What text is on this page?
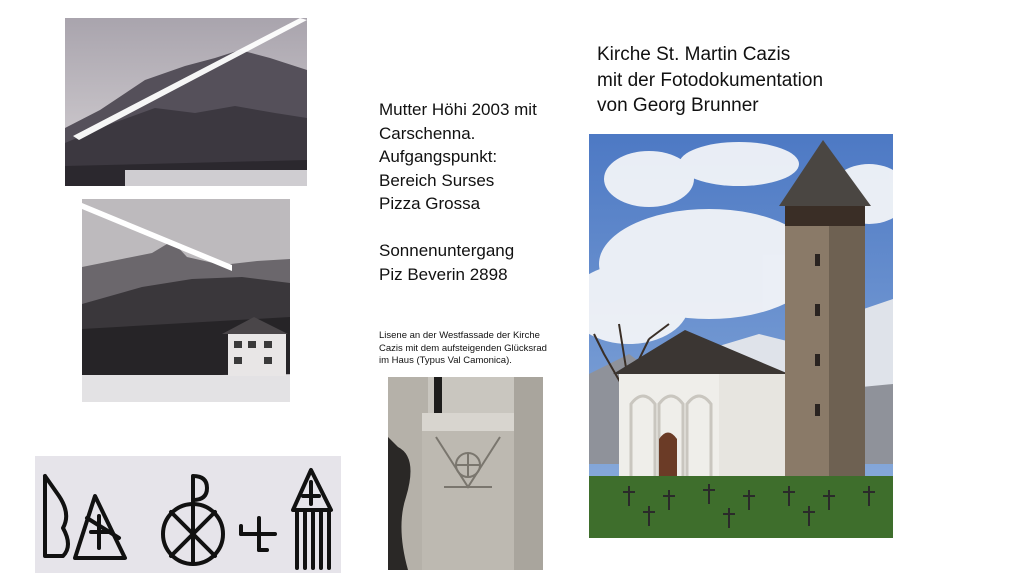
Mutter Höhi 2003 mit
Carschenna.
Aufgangspunkt:
Bereich Surses
Pizza Grossa
Sonnenuntergang
Piz Beverin 2898
Lisene an der Westfassade der Kirche
Cazis mit dem aufsteigenden Glücksrad
im Haus (Typus Val Camonica).
Kirche St. Martin Cazis
mit der Fotodokumentation
von Georg Brunner
